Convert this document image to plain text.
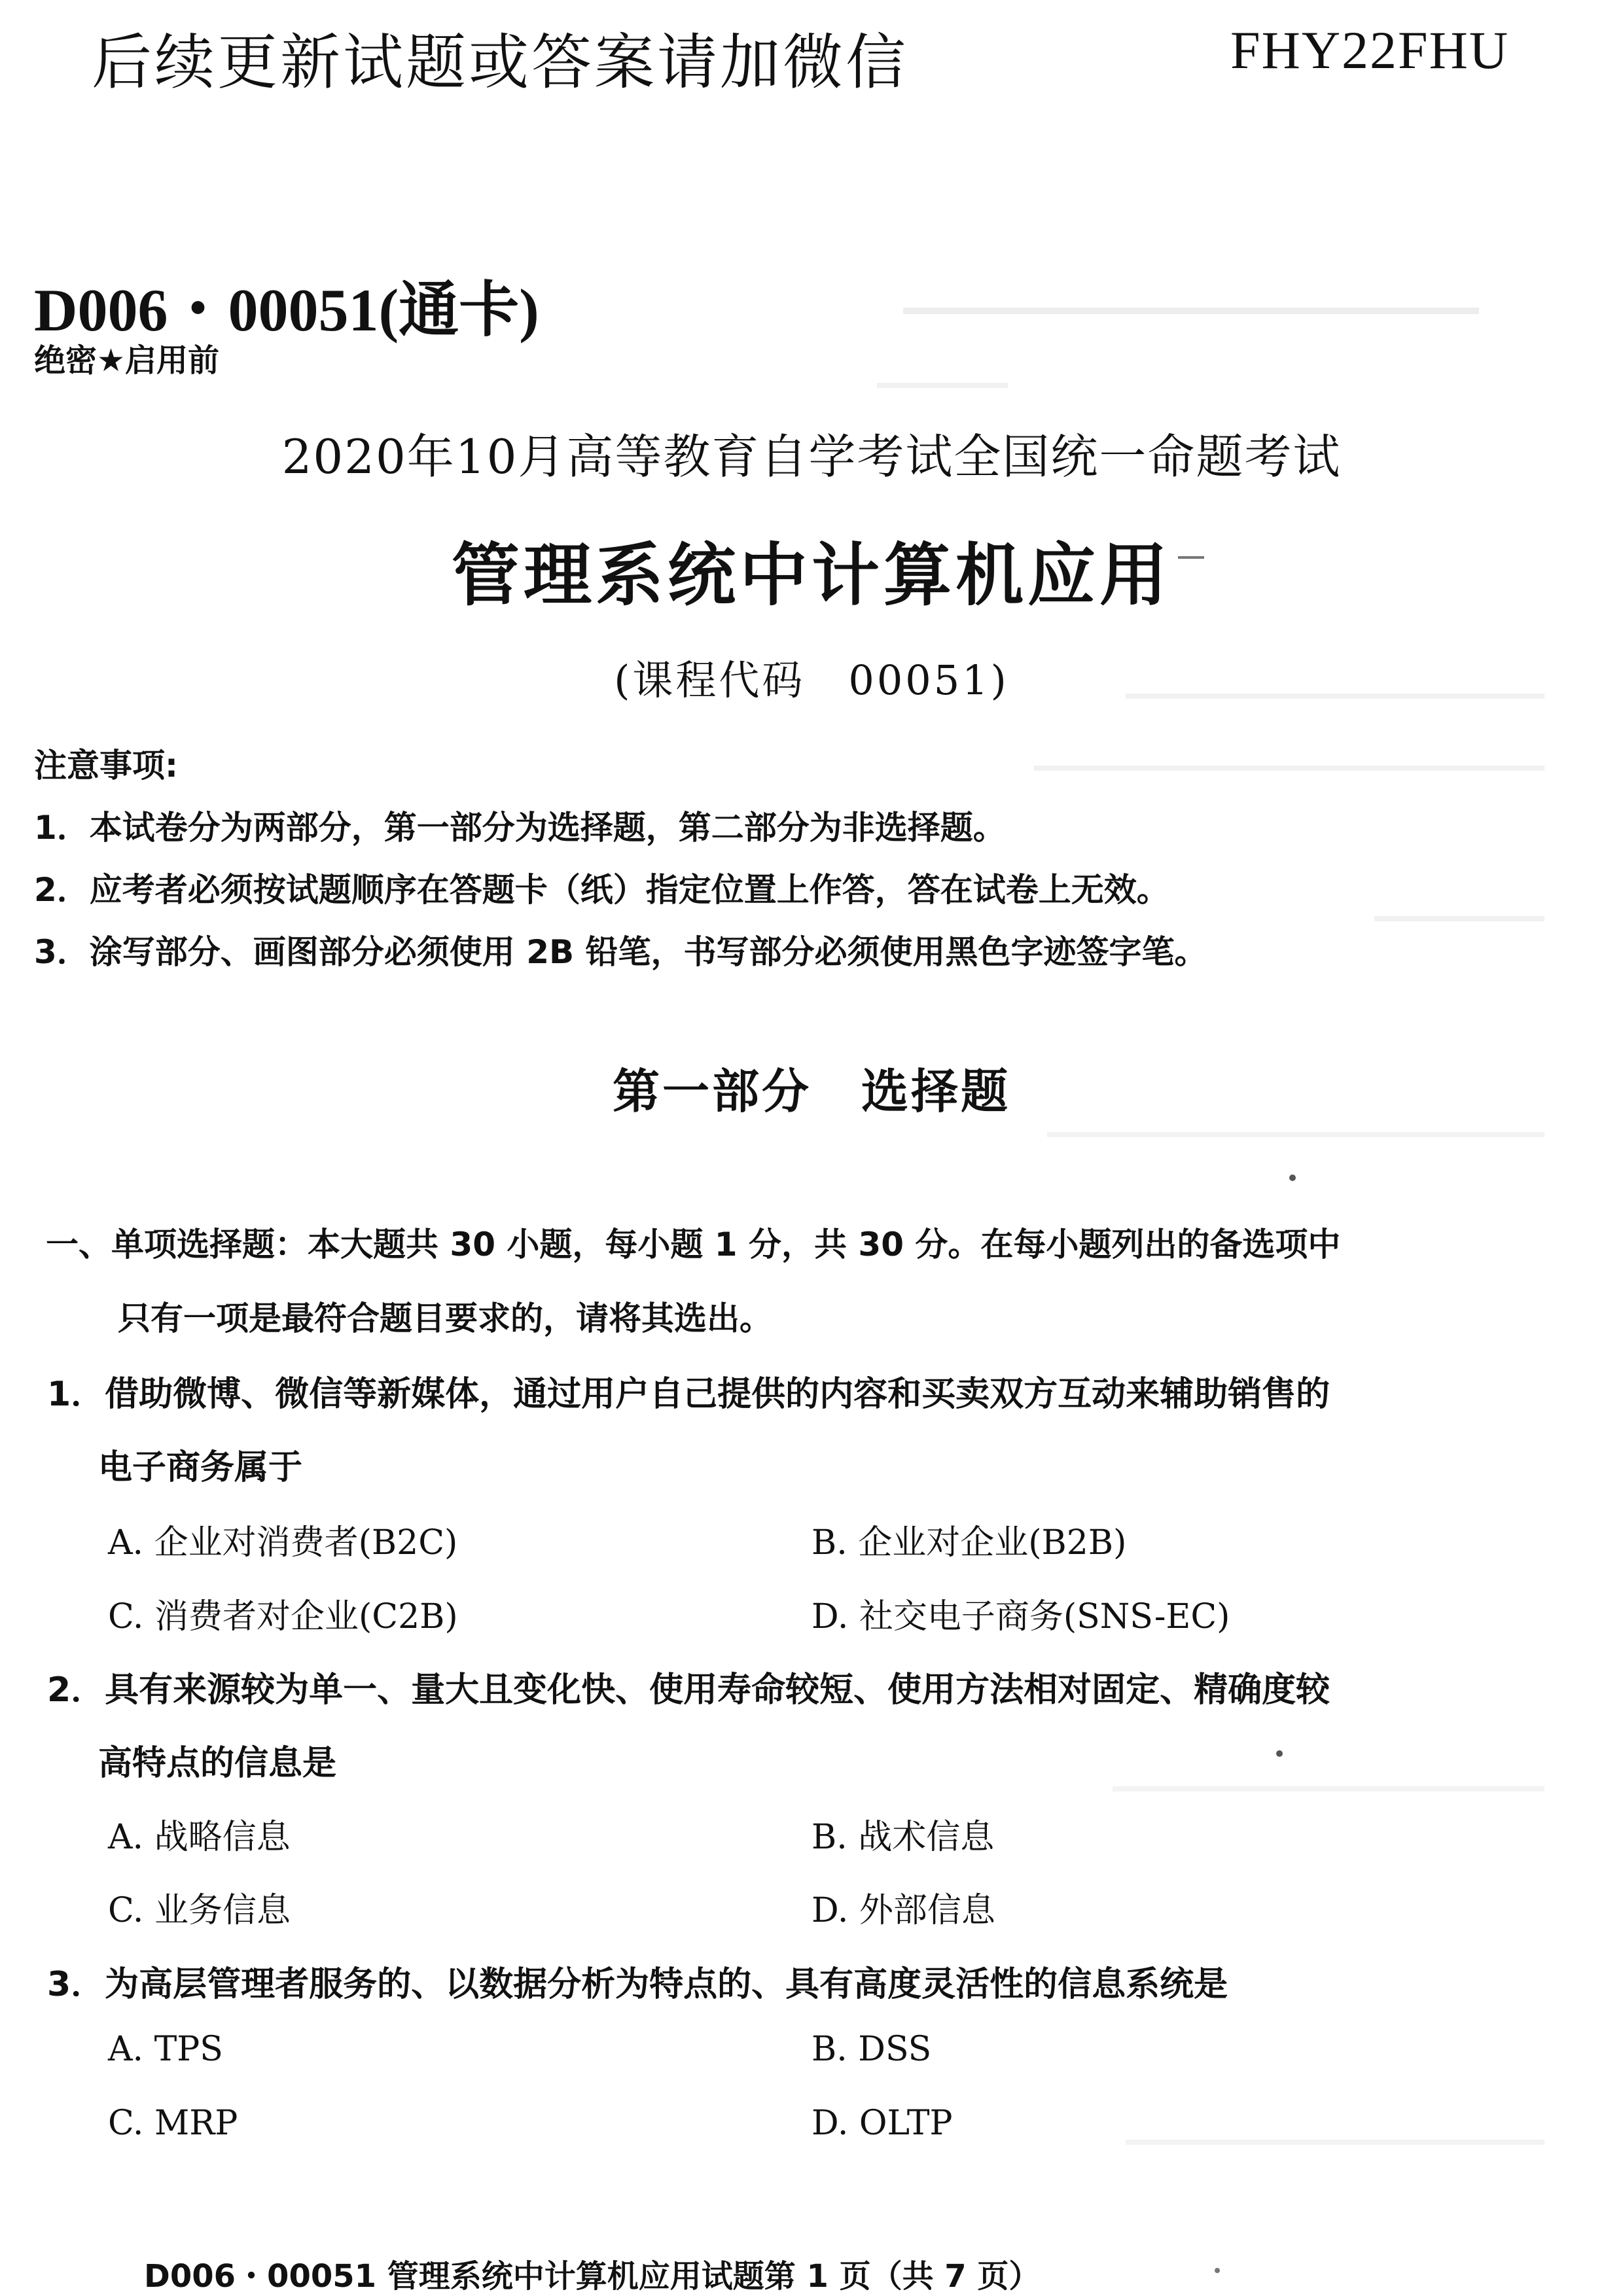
后续更新试题或答案请加微信	FHY22FHU
D006・00051(通卡)
绝密★启用前
2020年10月高等教育自学考试全国统一命题考试
管理系统中计算机应用
(课程代码　00051)
注意事项:
1．本试卷分为两部分，第一部分为选择题，第二部分为非选择题。
2．应考者必须按试题顺序在答题卡（纸）指定位置上作答，答在试卷上无效。
3．涂写部分、画图部分必须使用 2B 铅笔，书写部分必须使用黑色字迹签字笔。
第一部分　选择题
一、单项选择题：本大题共 30 小题，每小题 1 分，共 30 分。在每小题列出的备选项中
只有一项是最符合题目要求的，请将其选出。
1．借助微博、微信等新媒体，通过用户自己提供的内容和买卖双方互动来辅助销售的
电子商务属于
A. 企业对消费者(B2C)	B. 企业对企业(B2B)
C. 消费者对企业(C2B)	D. 社交电子商务(SNS-EC)
2．具有来源较为单一、量大且变化快、使用寿命较短、使用方法相对固定、精确度较
高特点的信息是
A. 战略信息	B. 战术信息
C. 业务信息	D. 外部信息
3．为高层管理者服务的、以数据分析为特点的、具有高度灵活性的信息系统是
A. TPS	B. DSS
C. MRP	D. OLTP
D006・00051 管理系统中计算机应用试题第 1 页（共 7 页）
